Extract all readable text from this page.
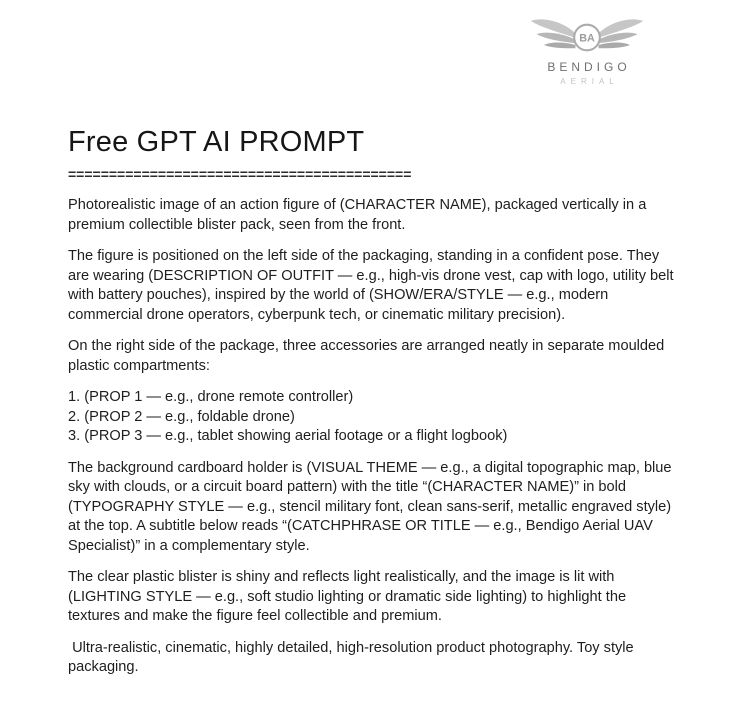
BA
BENDIGO
AERIAL
Free GPT AI PROMPT
==========================================

Photorealistic image of an action figure of (CHARACTER NAME), packaged vertically in a premium collectible blister pack, seen from the front.

The figure is positioned on the left side of the packaging, standing in a confident pose. They are wearing (DESCRIPTION OF OUTFIT — e.g., high-vis drone vest, cap with logo, utility belt with battery pouches), inspired by the world of (SHOW/ERA/STYLE — e.g., modern commercial drone operators, cyberpunk tech, or cinematic military precision).

On the right side of the package, three accessories are arranged neatly in separate moulded plastic compartments:

1. (PROP 1 — e.g., drone remote controller)
2. (PROP 2 — e.g., foldable drone)
3. (PROP 3 — e.g., tablet showing aerial footage or a flight logbook)

The background cardboard holder is (VISUAL THEME — e.g., a digital topographic map, blue sky with clouds, or a circuit board pattern) with the title “(CHARACTER NAME)” in bold (TYPOGRAPHY STYLE — e.g., stencil military font, clean sans-serif, metallic engraved style) at the top. A subtitle below reads “(CATCHPHRASE OR TITLE — e.g., Bendigo Aerial UAV Specialist)” in a complementary style.

The clear plastic blister is shiny and reflects light realistically, and the image is lit with (LIGHTING STYLE — e.g., soft studio lighting or dramatic side lighting) to highlight the textures and make the figure feel collectible and premium.

Ultra-realistic, cinematic, highly detailed, high-resolution product photography. Toy style packaging.
